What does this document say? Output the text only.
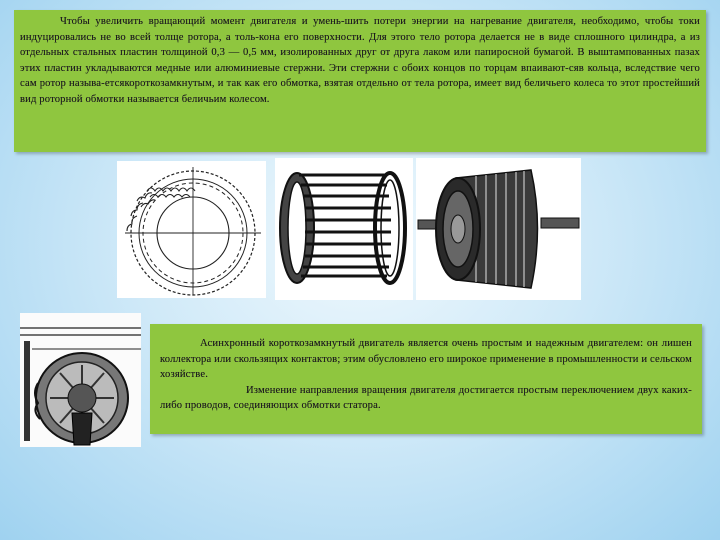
Чтобы увеличить вращающий момент двигателя и умень-шить потери энергии на нагревание двигателя, необходимо, чтобы токи индуцировались не во всей толще ротора, а толь-кона его поверхности. Для этого тело ротора делается не в виде сплошного цилиндра, а из отдельных стальных пластин толщиной 0,3 — 0,5 мм, изолированных друг от друга лаком или папиросной бумагой. В выштампованных пазах этих пластин укладываются медные или алюминиевые стержни. Эти стержни с обоих концов по торцам впаивают-сяв кольца, вследствие чего сам ротор называ-етсякороткозамкнутым, и так как его обмотка, взятая отдельно от тела ротора, имеет вид беличьего колеса то этот простейший вид роторной обмотки называется беличьим колесом.

Асинхронный короткозамкнутый двигатель является очень простым и надежным двигателем: он лишен коллектора или скользящих контактов; этим обусловлено его широкое применение в промышленности и сельском хозяйстве.

Изменение направления вращения двигателя достигается простым переключением двух каких-либо проводов, соединяющих обмотки статора.
